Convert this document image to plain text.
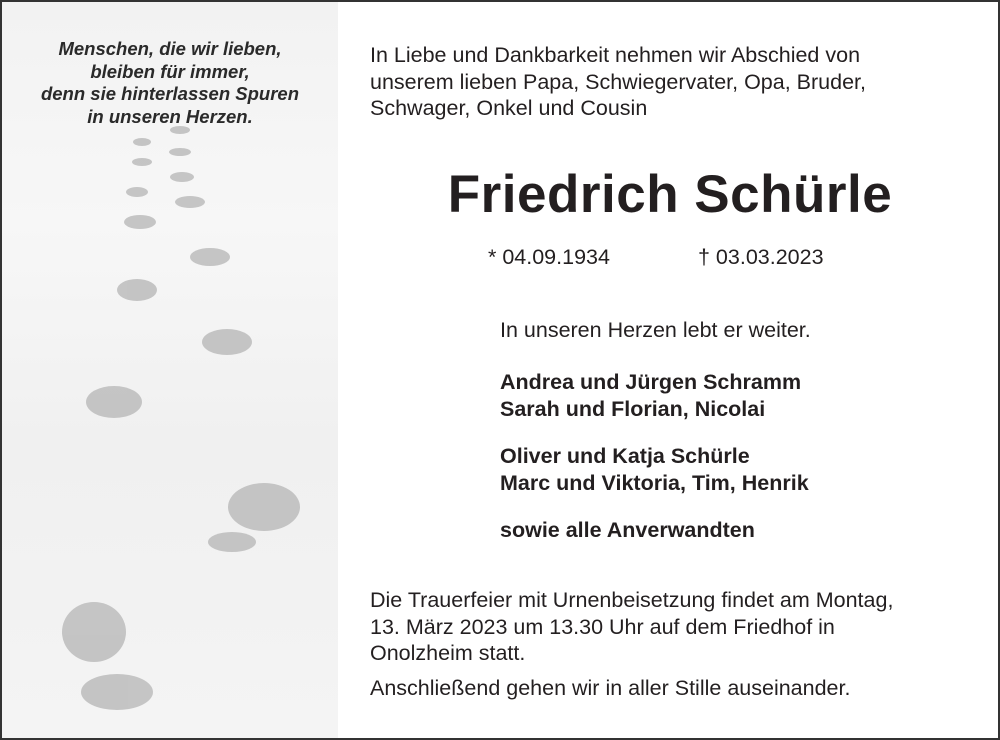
Menschen, die wir lieben,
bleiben für immer,
denn sie hinterlassen Spuren
in unseren Herzen.
In Liebe und Dankbarkeit nehmen wir Abschied von
unserem lieben Papa, Schwiegervater, Opa, Bruder,
Schwager, Onkel und Cousin
Friedrich Schürle
* 04.09.1934	† 03.03.2023
In unseren Herzen lebt er weiter.
Andrea und Jürgen Schramm
Sarah und Florian, Nicolai
Oliver und Katja Schürle
Marc und Viktoria, Tim, Henrik
sowie alle Anverwandten
Die Trauerfeier mit Urnenbeisetzung findet am Montag,
13. März 2023 um 13.30 Uhr auf dem Friedhof in
Onolzheim statt.
Anschließend gehen wir in aller Stille auseinander.
